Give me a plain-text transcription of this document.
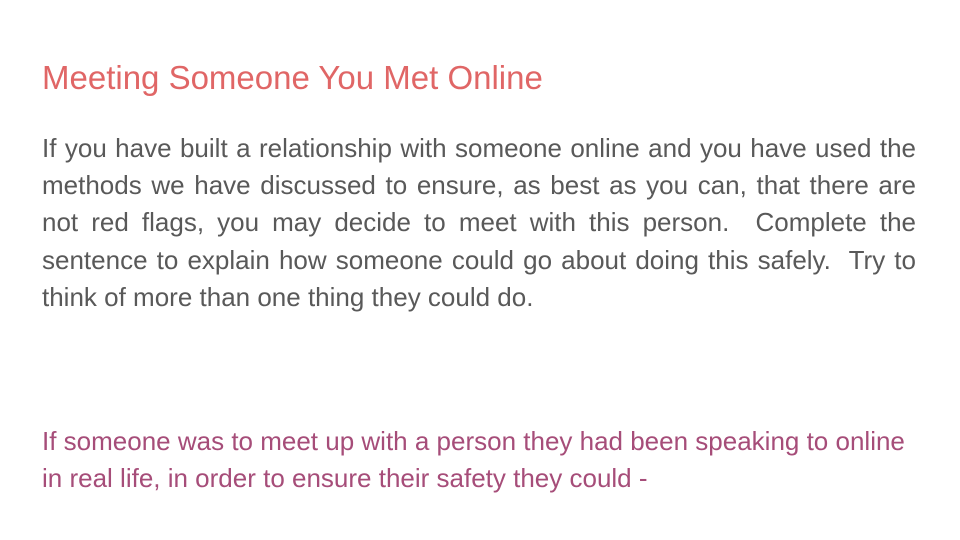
Meeting Someone You Met Online

If you have built a relationship with someone online and you have used the methods we have discussed to ensure, as best as you can, that there are not red flags, you may decide to meet with this person.  Complete the sentence to explain how someone could go about doing this safely.  Try to think of more than one thing they could do.

If someone was to meet up with a person they had been speaking to online in real life, in order to ensure their safety they could -
